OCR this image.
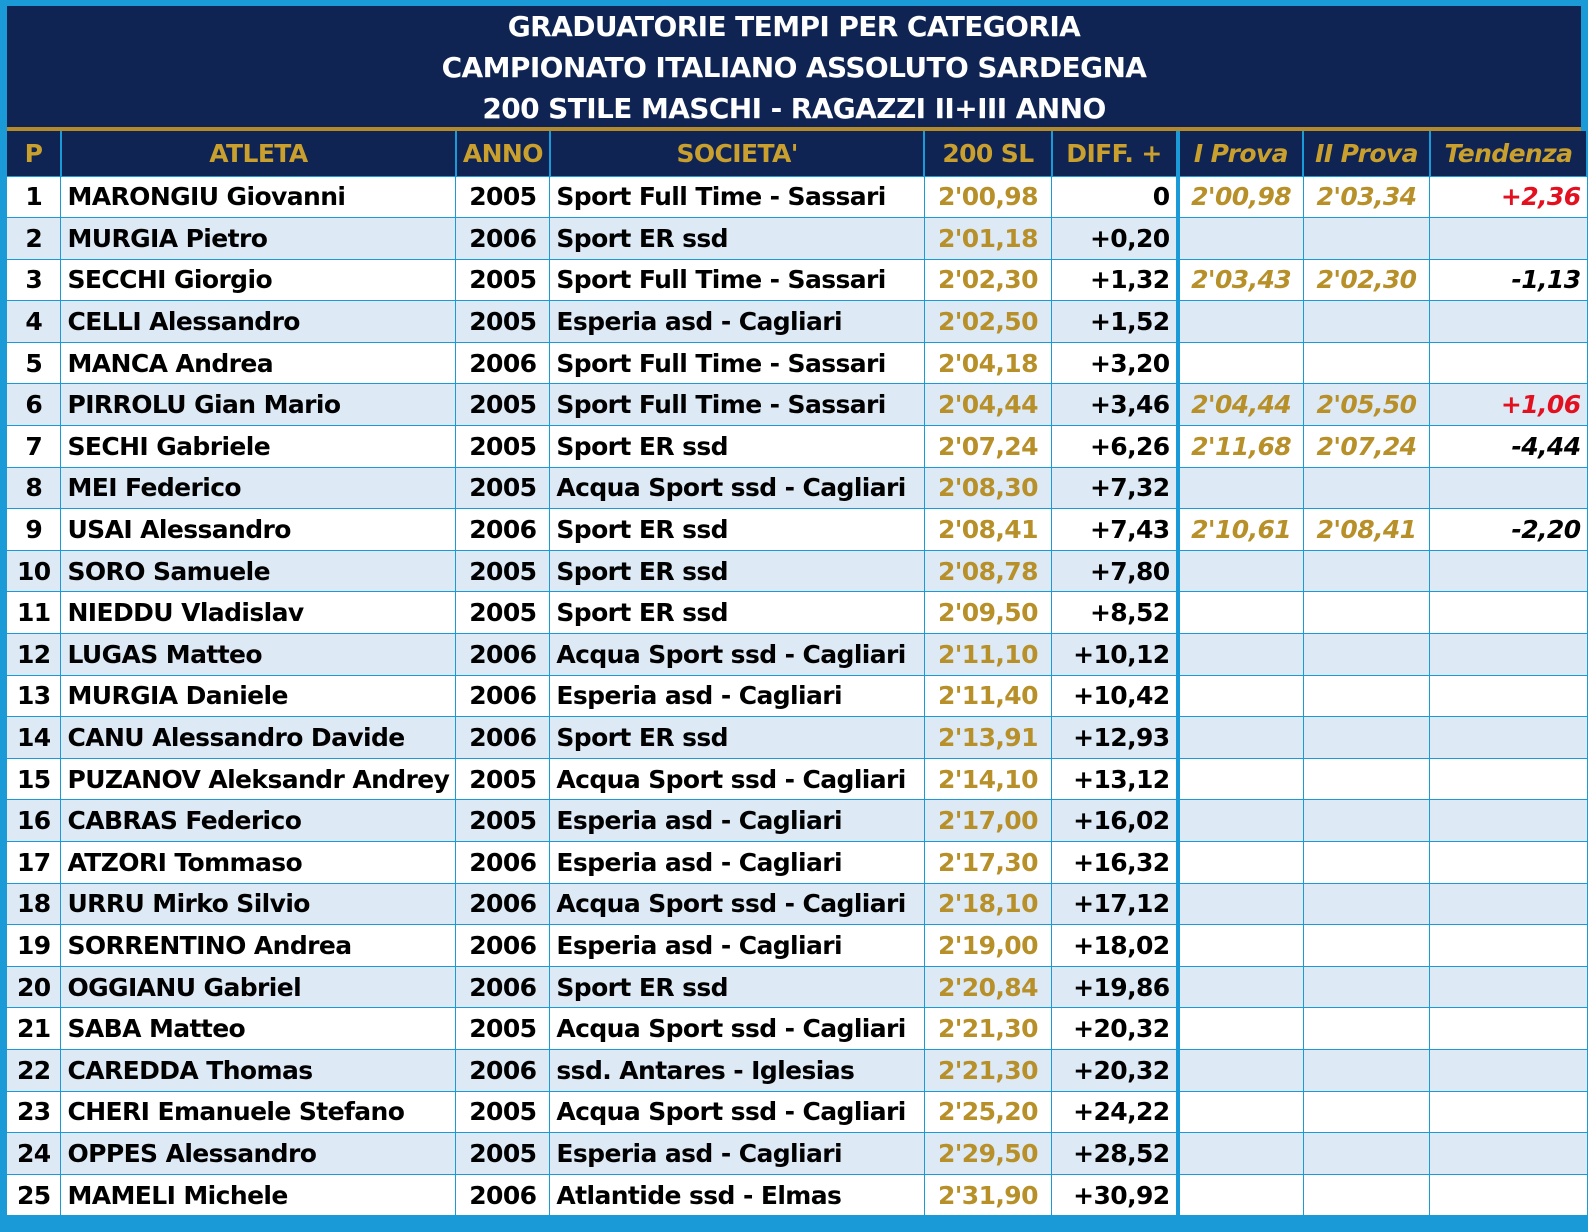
GRADUATORIE TEMPI PER CATEGORIA
CAMPIONATO ITALIANO ASSOLUTO SARDEGNA
200 STILE MASCHI - RAGAZZI II+III ANNO
P	ATLETA	ANNO	SOCIETA'	200 SL	DIFF. +	I Prova	II Prova	Tendenza
1	MARONGIU Giovanni	2005	Sport Full Time - Sassari	2'00,98	0	2'00,98	2'03,34	+2,36
2	MURGIA Pietro	2006	Sport ER ssd	2'01,18	+0,20			
3	SECCHI Giorgio	2005	Sport Full Time - Sassari	2'02,30	+1,32	2'03,43	2'02,30	-1,13
4	CELLI Alessandro	2005	Esperia asd - Cagliari	2'02,50	+1,52			
5	MANCA Andrea	2006	Sport Full Time - Sassari	2'04,18	+3,20			
6	PIRROLU Gian Mario	2005	Sport Full Time - Sassari	2'04,44	+3,46	2'04,44	2'05,50	+1,06
7	SECHI Gabriele	2005	Sport ER ssd	2'07,24	+6,26	2'11,68	2'07,24	-4,44
8	MEI Federico	2005	Acqua Sport ssd - Cagliari	2'08,30	+7,32			
9	USAI Alessandro	2006	Sport ER ssd	2'08,41	+7,43	2'10,61	2'08,41	-2,20
10	SORO Samuele	2005	Sport ER ssd	2'08,78	+7,80			
11	NIEDDU Vladislav	2005	Sport ER ssd	2'09,50	+8,52			
12	LUGAS Matteo	2006	Acqua Sport ssd - Cagliari	2'11,10	+10,12			
13	MURGIA Daniele	2006	Esperia asd - Cagliari	2'11,40	+10,42			
14	CANU Alessandro Davide	2006	Sport ER ssd	2'13,91	+12,93			
15	PUZANOV Aleksandr Andrey	2005	Acqua Sport ssd - Cagliari	2'14,10	+13,12			
16	CABRAS Federico	2005	Esperia asd - Cagliari	2'17,00	+16,02			
17	ATZORI Tommaso	2006	Esperia asd - Cagliari	2'17,30	+16,32			
18	URRU Mirko Silvio	2006	Acqua Sport ssd - Cagliari	2'18,10	+17,12			
19	SORRENTINO Andrea	2006	Esperia asd - Cagliari	2'19,00	+18,02			
20	OGGIANU Gabriel	2006	Sport ER ssd	2'20,84	+19,86			
21	SABA Matteo	2005	Acqua Sport ssd - Cagliari	2'21,30	+20,32			
22	CAREDDA Thomas	2006	ssd. Antares - Iglesias	2'21,30	+20,32			
23	CHERI Emanuele Stefano	2005	Acqua Sport ssd - Cagliari	2'25,20	+24,22			
24	OPPES Alessandro	2005	Esperia asd - Cagliari	2'29,50	+28,52			
25	MAMELI Michele	2006	Atlantide ssd - Elmas	2'31,90	+30,92			
